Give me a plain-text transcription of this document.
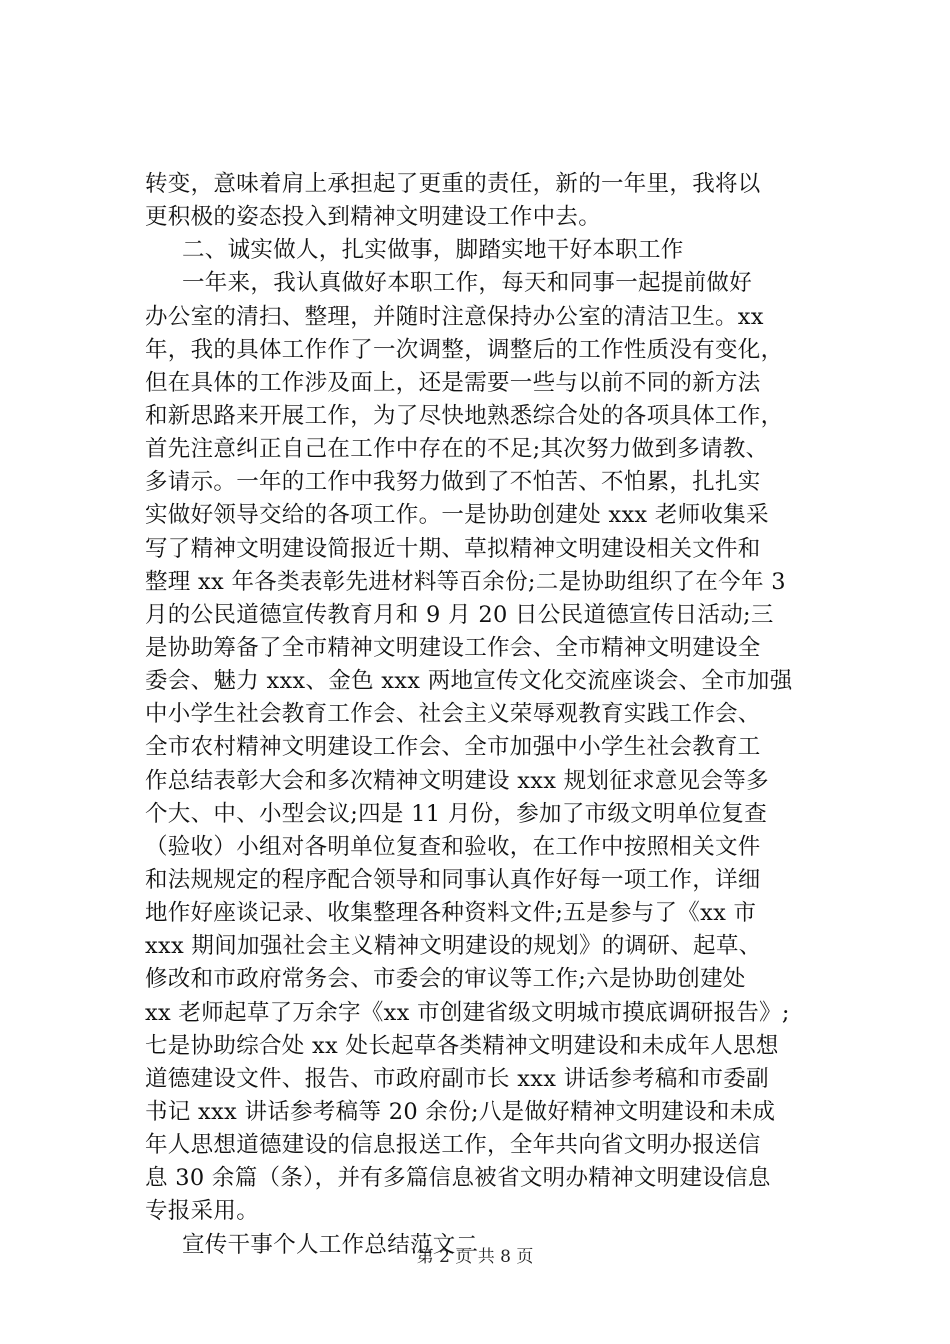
转变，意味着肩上承担起了更重的责任，新的一年里，我将以
更积极的姿态投入到精神文明建设工作中去。
二、诚实做人，扎实做事，脚踏实地干好本职工作
一年来，我认真做好本职工作，每天和同事一起提前做好
办公室的清扫、整理，并随时注意保持办公室的清洁卫生。xx
年，我的具体工作作了一次调整，调整后的工作性质没有变化，
但在具体的工作涉及面上，还是需要一些与以前不同的新方法
和新思路来开展工作，为了尽快地熟悉综合处的各项具体工作，
首先注意纠正自己在工作中存在的不足;其次努力做到多请教、
多请示。一年的工作中我努力做到了不怕苦、不怕累，扎扎实
实做好领导交给的各项工作。一是协助创建处 xxx 老师收集采
写了精神文明建设简报近十期、草拟精神文明建设相关文件和
整理 xx 年各类表彰先进材料等百余份;二是协助组织了在今年 3
月的公民道德宣传教育月和 9 月 20 日公民道德宣传日活动;三
是协助筹备了全市精神文明建设工作会、全市精神文明建设全
委会、魅力 xxx、金色 xxx 两地宣传文化交流座谈会、全市加强
中小学生社会教育工作会、社会主义荣辱观教育实践工作会、
全市农村精神文明建设工作会、全市加强中小学生社会教育工
作总结表彰大会和多次精神文明建设 xxx 规划征求意见会等多
个大、中、小型会议;四是 11 月份，参加了市级文明单位复查
（验收）小组对各明单位复查和验收，在工作中按照相关文件
和法规规定的程序配合领导和同事认真作好每一项工作，详细
地作好座谈记录、收集整理各种资料文件;五是参与了《xx 市
xxx 期间加强社会主义精神文明建设的规划》的调研、起草、
修改和市政府常务会、市委会的审议等工作;六是协助创建处
xx 老师起草了万余字《xx 市创建省级文明城市摸底调研报告》;
七是协助综合处 xx 处长起草各类精神文明建设和未成年人思想
道德建设文件、报告、市政府副市长 xxx 讲话参考稿和市委副
书记 xxx 讲话参考稿等 20 余份;八是做好精神文明建设和未成
年人思想道德建设的信息报送工作，全年共向省文明办报送信
息 30 余篇（条），并有多篇信息被省文明办精神文明建设信息
专报采用。
宣传干事个人工作总结范文二
第 2 页 共 8 页
